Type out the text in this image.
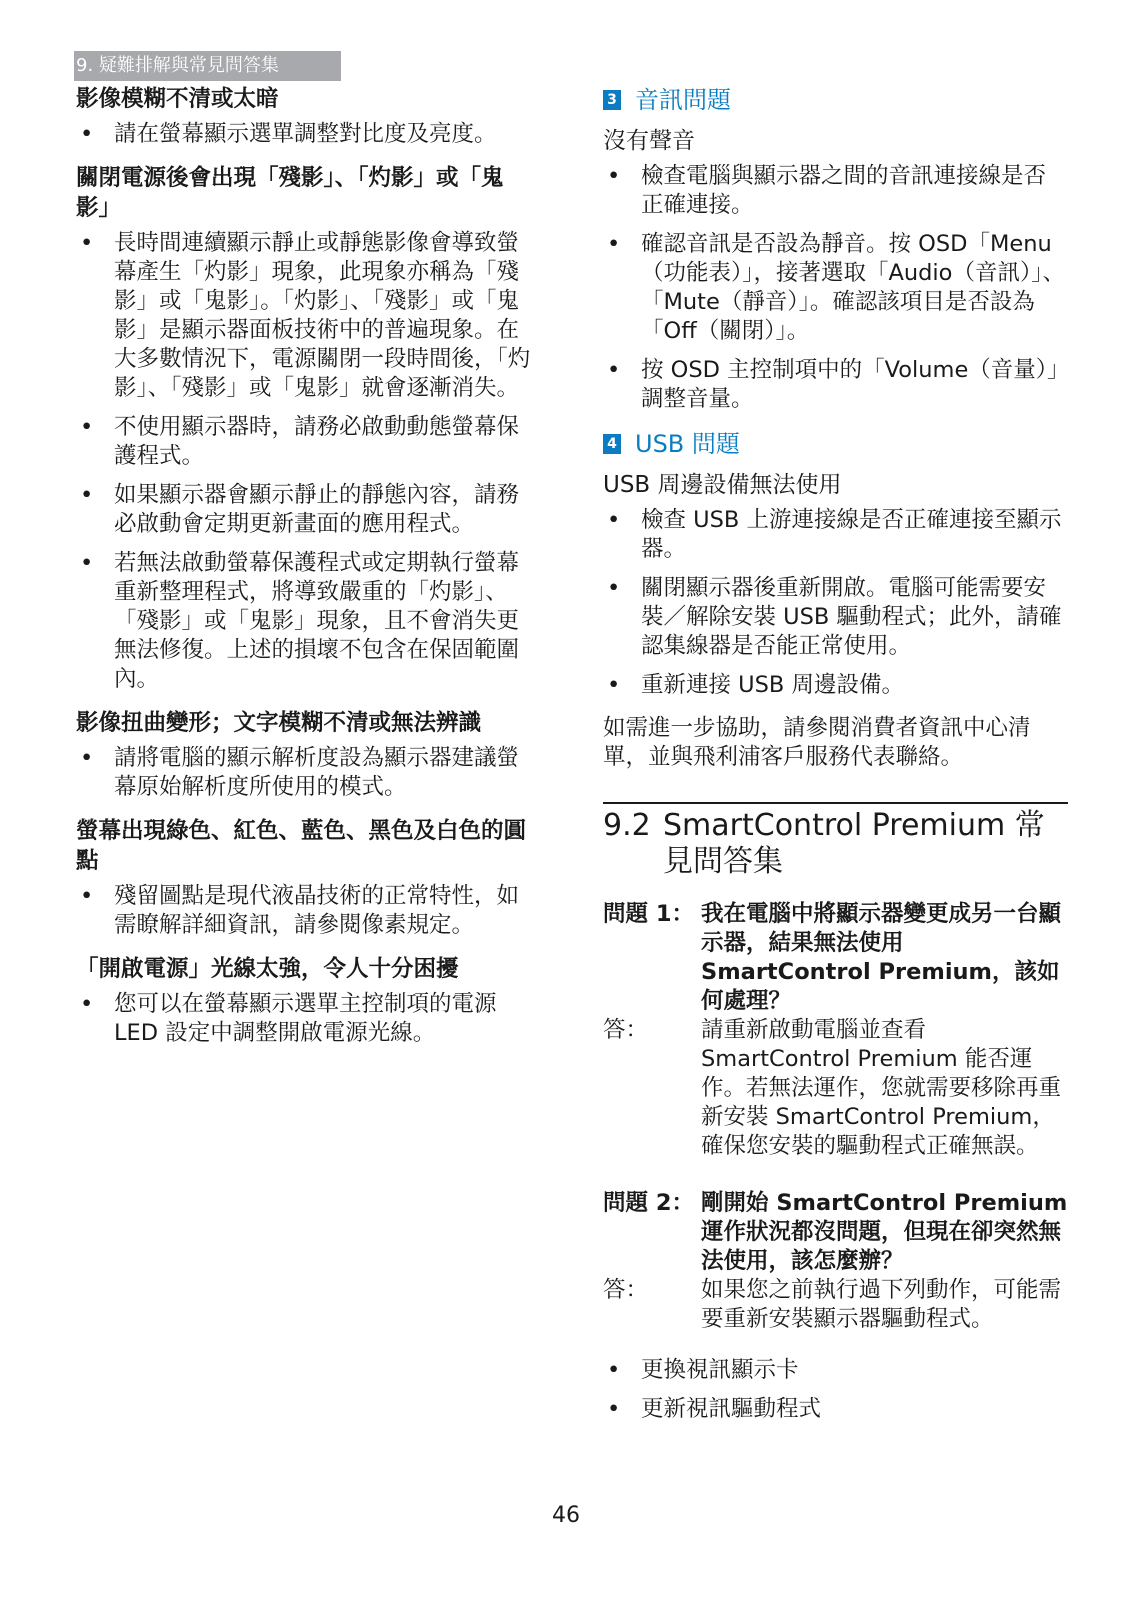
9. 疑難排解與常見問答集
影像模糊不清或太暗
• 請在螢幕顯示選單調整對比度及亮度。
關閉電源後會出現「殘影」、「灼影」或「鬼影」
• 長時間連續顯示靜止或靜態影像會導致螢幕產生「灼影」現象，此現象亦稱為「殘影」或「鬼影」。「灼影」、「殘影」或「鬼影」是顯示器面板技術中的普遍現象。在大多數情況下，電源關閉一段時間後，「灼影」、「殘影」或「鬼影」就會逐漸消失。
• 不使用顯示器時，請務必啟動動態螢幕保護程式。
• 如果顯示器會顯示靜止的靜態內容，請務必啟動會定期更新畫面的應用程式。
• 若無法啟動螢幕保護程式或定期執行螢幕重新整理程式，將導致嚴重的「灼影」、「殘影」或「鬼影」現象，且不會消失更無法修復。上述的損壞不包含在保固範圍內。
影像扭曲變形；文字模糊不清或無法辨識
• 請將電腦的顯示解析度設為顯示器建議螢幕原始解析度所使用的模式。
螢幕出現綠色、紅色、藍色、黑色及白色的圓點
• 殘留圖點是現代液晶技術的正常特性，如需瞭解詳細資訊，請參閱像素規定。
「開啟電源」光線太強，令人十分困擾
• 您可以在螢幕顯示選單主控制項的電源 LED 設定中調整開啟電源光線。
3 音訊問題
沒有聲音
• 檢查電腦與顯示器之間的音訊連接線是否正確連接。
• 確認音訊是否設為靜音。按 OSD「Menu（功能表）」，接著選取「Audio（音訊）」、「Mute（靜音）」。確認該項目是否設為「Off（關閉）」。
• 按 OSD 主控制項中的「Volume（音量）」調整音量。
4 USB 問題
USB 周邊設備無法使用
• 檢查 USB 上游連接線是否正確連接至顯示器。
• 關閉顯示器後重新開啟。電腦可能需要安裝／解除安裝 USB 驅動程式；此外，請確認集線器是否能正常使用。
• 重新連接 USB 周邊設備。
如需進一步協助，請參閱消費者資訊中心清單，並與飛利浦客戶服務代表聯絡。
9.2 SmartControl Premium 常見問答集
問題 1： 我在電腦中將顯示器變更成另一台顯示器，結果無法使用 SmartControl Premium，該如何處理？
答：	請重新啟動電腦並查看 SmartControl Premium 能否運作。若無法運作，您就需要移除再重新安裝 SmartControl Premium，確保您安裝的驅動程式正確無誤。
問題 2： 剛開始 SmartControl Premium 運作狀況都沒問題，但現在卻突然無法使用，該怎麼辦？
答：	如果您之前執行過下列動作，可能需要重新安裝顯示器驅動程式。
• 更換視訊顯示卡
• 更新視訊驅動程式
46
